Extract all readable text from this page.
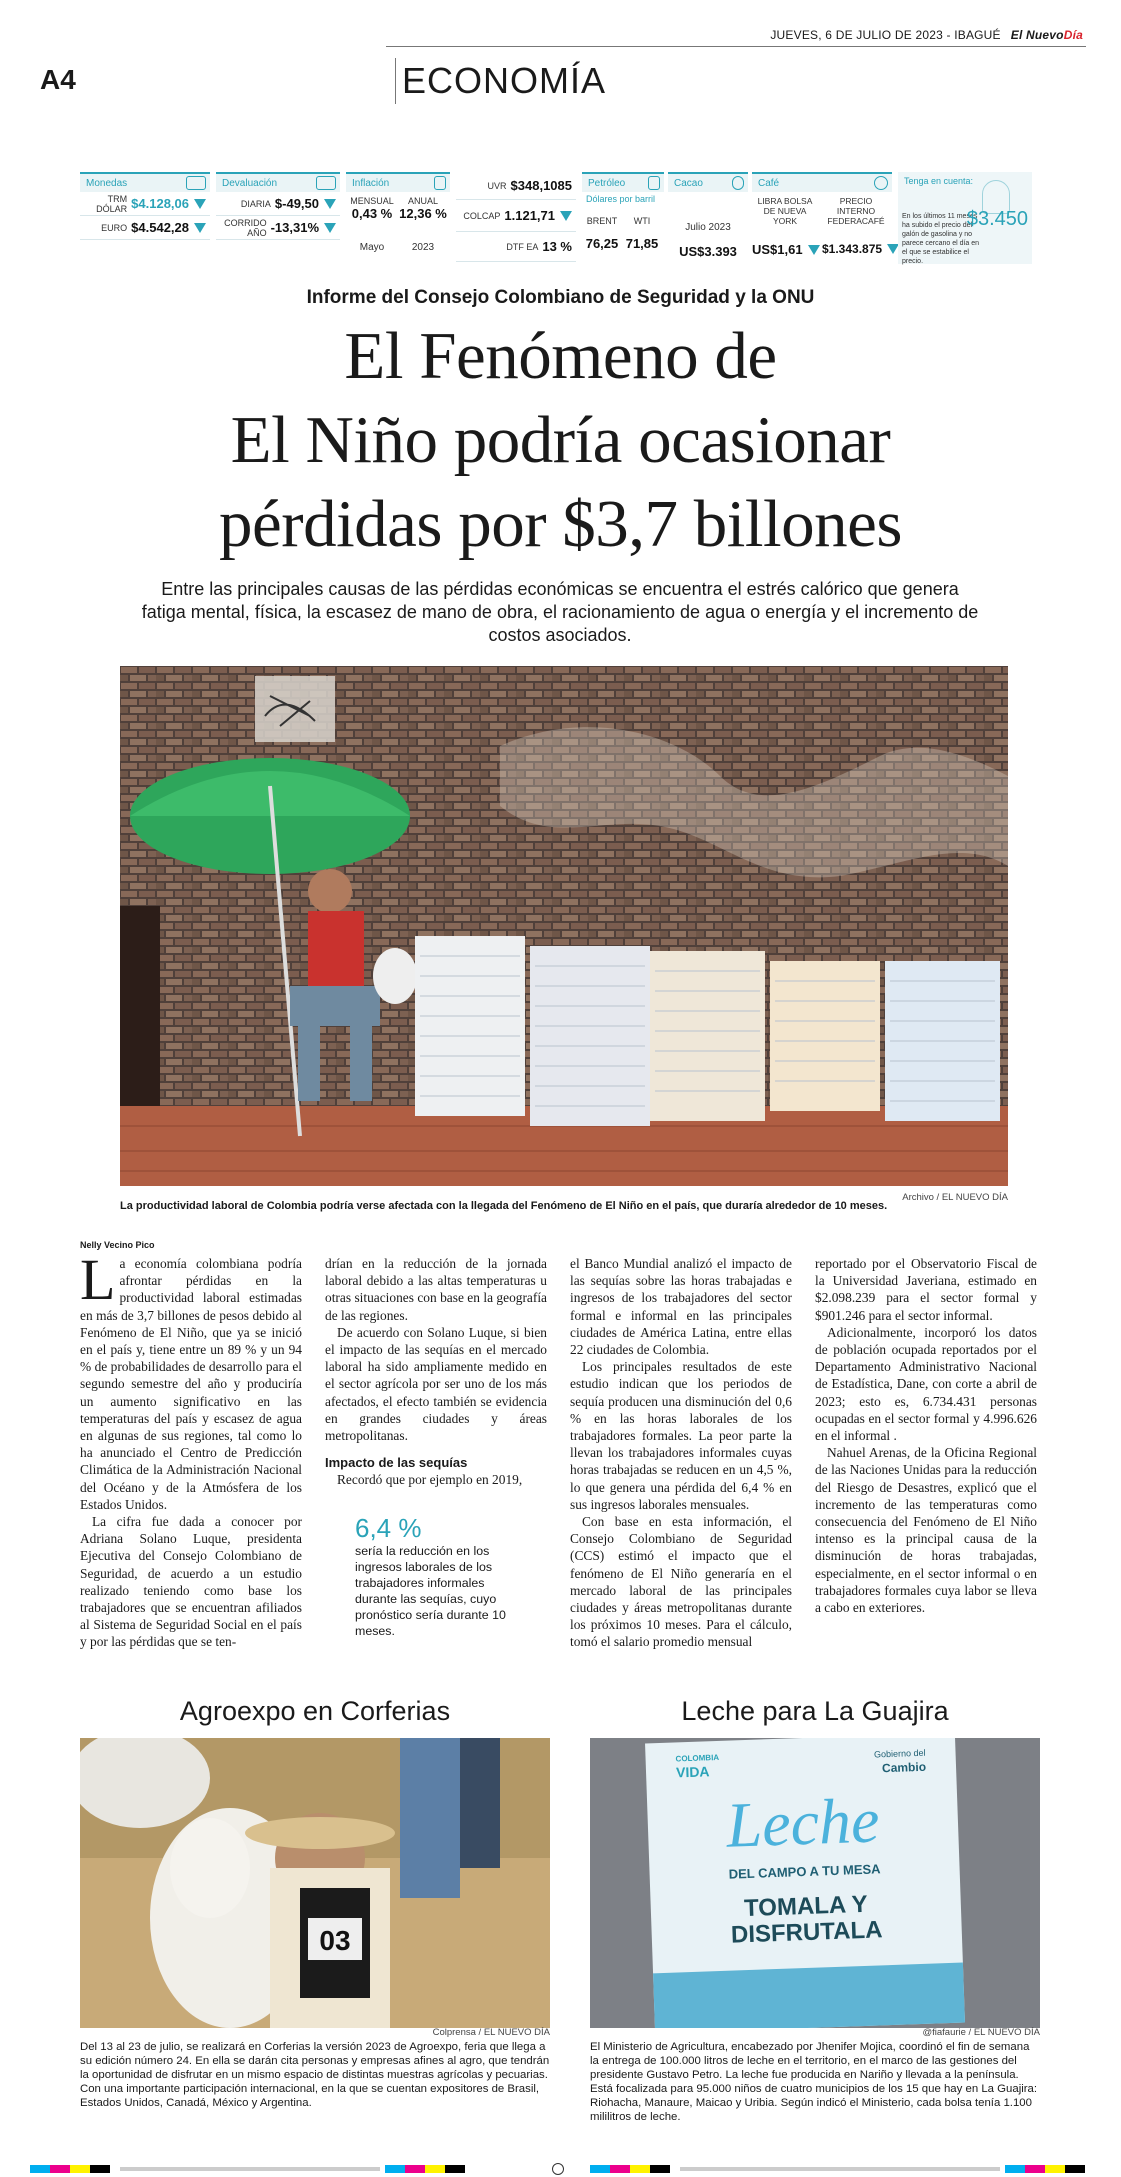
JUEVES, 6 DE JULIO DE 2023 - IBAGUÉ El NuevoDía
A4	ECONOMÍA
Monedas
TRM DÓLAR $4.128,06
EURO $4.542,28
Devaluación
DIARIA $-49,50
CORRIDO AÑO -13,31%
Inflación
MENSUAL
0,43 %
ANUAL
12,36 %
Mayo	2023
UVR $348,1085
COLCAP 1.121,71
DTF EA 13 %
Petróleo
Dólares por barril
BRENT
76,25
WTI
71,85
Cacao
Julio 2023
US$3.393
Café
LIBRA BOLSA DE NUEVA YORK
PRECIO INTERNO FEDERACAFÉ
US$1,61 $1.343.875
Tenga en cuenta:
En los últimos 11 meses ha subido el precio del galón de gasolina y no parece cercano el día en el que se estabilice el precio.
$3.450
Informe del Consejo Colombiano de Seguridad y la ONU
El Fenómeno de
El Niño podría ocasionar
pérdidas por $3,7 billones
Entre las principales causas de las pérdidas económicas se encuentra el estrés calórico que genera fatiga mental, física, la escasez de mano de obra, el racionamiento de agua o energía y el incremento de costos asociados.
La productividad laboral de Colombia podría verse afectada con la llegada del Fenómeno de El Niño en el país, que duraría alrededor de 10 meses.
Archivo / EL NUEVO DÍA
Nelly Vecino Pico

La economía colombiana podría afrontar pérdidas en la productividad laboral estimadas en más de 3,7 billones de pesos debido al Fenómeno de El Niño, que ya se inició en el país y, tiene entre un 89 % y un 94 % de probabilidades de desarrollo para el segundo semestre del año y produciría un aumento significativo en las temperaturas del país y escasez de agua en algunas de sus regiones, tal como lo ha anunciado el Centro de Predicción Climática de la Administración Nacional del Océano y de la Atmósfera de los Estados Unidos.

La cifra fue dada a conocer por Adriana Solano Luque, presidenta Ejecutiva del Consejo Colombiano de Seguridad, de acuerdo a un estudio realizado teniendo como base los trabajadores que se encuentran afiliados al Sistema de Seguridad Social en el país y por las pérdidas que se ten-

drían en la reducción de la jornada laboral debido a las altas temperaturas u otras situaciones con base en la geografía de las regiones.

De acuerdo con Solano Luque, si bien el impacto de las sequías en el mercado laboral ha sido ampliamente medido en el sector agrícola por ser uno de los más afectados, el efecto también se evidencia en grandes ciudades y áreas metropolitanas.

Impacto de las sequías

Recordó que por ejemplo en 2019,

6,4 %
sería la reducción en los ingresos laborales de los trabajadores informales durante las sequías, cuyo pronóstico sería durante 10 meses.

el Banco Mundial analizó el impacto de las sequías sobre las horas trabajadas e ingresos de los trabajadores del sector formal e informal en las principales ciudades de América Latina, entre ellas 22 ciudades de Colombia.

Los principales resultados de este estudio indican que los periodos de sequía producen una disminución del 0,6 % en las horas laborales de los trabajadores formales. La peor parte la llevan los trabajadores informales cuyas horas trabajadas se reducen en un 4,5 %, lo que genera una pérdida del 6,4 % en sus ingresos laborales mensuales.

Con base en esta información, el Consejo Colombiano de Seguridad (CCS) estimó el impacto que el fenómeno de El Niño generaría en el mercado laboral de las principales ciudades y áreas metropolitanas durante los próximos 10 meses. Para el cálculo, tomó el salario promedio mensual

reportado por el Observatorio Fiscal de la Universidad Javeriana, estimado en $2.098.239 para el sector formal y $901.246 para el sector informal.

Adicionalmente, incorporó los datos de población ocupada reportados por el Departamento Administrativo Nacional de Estadística, Dane, con corte a abril de 2023; esto es, 6.734.431 personas ocupadas en el sector formal y 4.996.626 en el informal .

Nahuel Arenas, de la Oficina Regional de las Naciones Unidas para la reducción del Riesgo de Desastres, explicó que el incremento de las temperaturas como consecuencia del Fenómeno de El Niño intenso es la principal causa de la disminución de horas trabajadas, especialmente, en el sector informal o en trabajadores formales cuya labor se lleva a cabo en exteriores.

Agroexpo en Corferias
03
Colprensa / EL NUEVO DÍA
Del 13 al 23 de julio, se realizará en Corferias la versión 2023 de Agroexpo, feria que llega a su edición número 24. En ella se darán cita personas y empresas afines al agro, que tendrán la oportunidad de disfrutar en un mismo espacio de distintas muestras agrícolas y pecuarias. Con una importante participación internacional, en la que se cuentan expositores de Brasil, Estados Unidos, Canadá, México y Argentina.
Leche para La Guajira
COLOMBIA
VIDA
Gobierno del
Cambio
Leche
DEL CAMPO A TU MESA
TOMALA Y
DISFRUTALA
@fiafaurie / EL NUEVO DÍA
El Ministerio de Agricultura, encabezado por Jhenifer Mojica, coordinó el fin de semana la entrega de 100.000 litros de leche en el territorio, en el marco de las gestiones del presidente Gustavo Petro. La leche fue producida en Nariño y llevada a la península. Está focalizada para 95.000 niños de cuatro municipios de los 15 que hay en La Guajira: Riohacha, Manaure, Maicao y Uribia. Según indicó el Ministerio, cada bolsa tenía 1.100 mililitros de leche.
